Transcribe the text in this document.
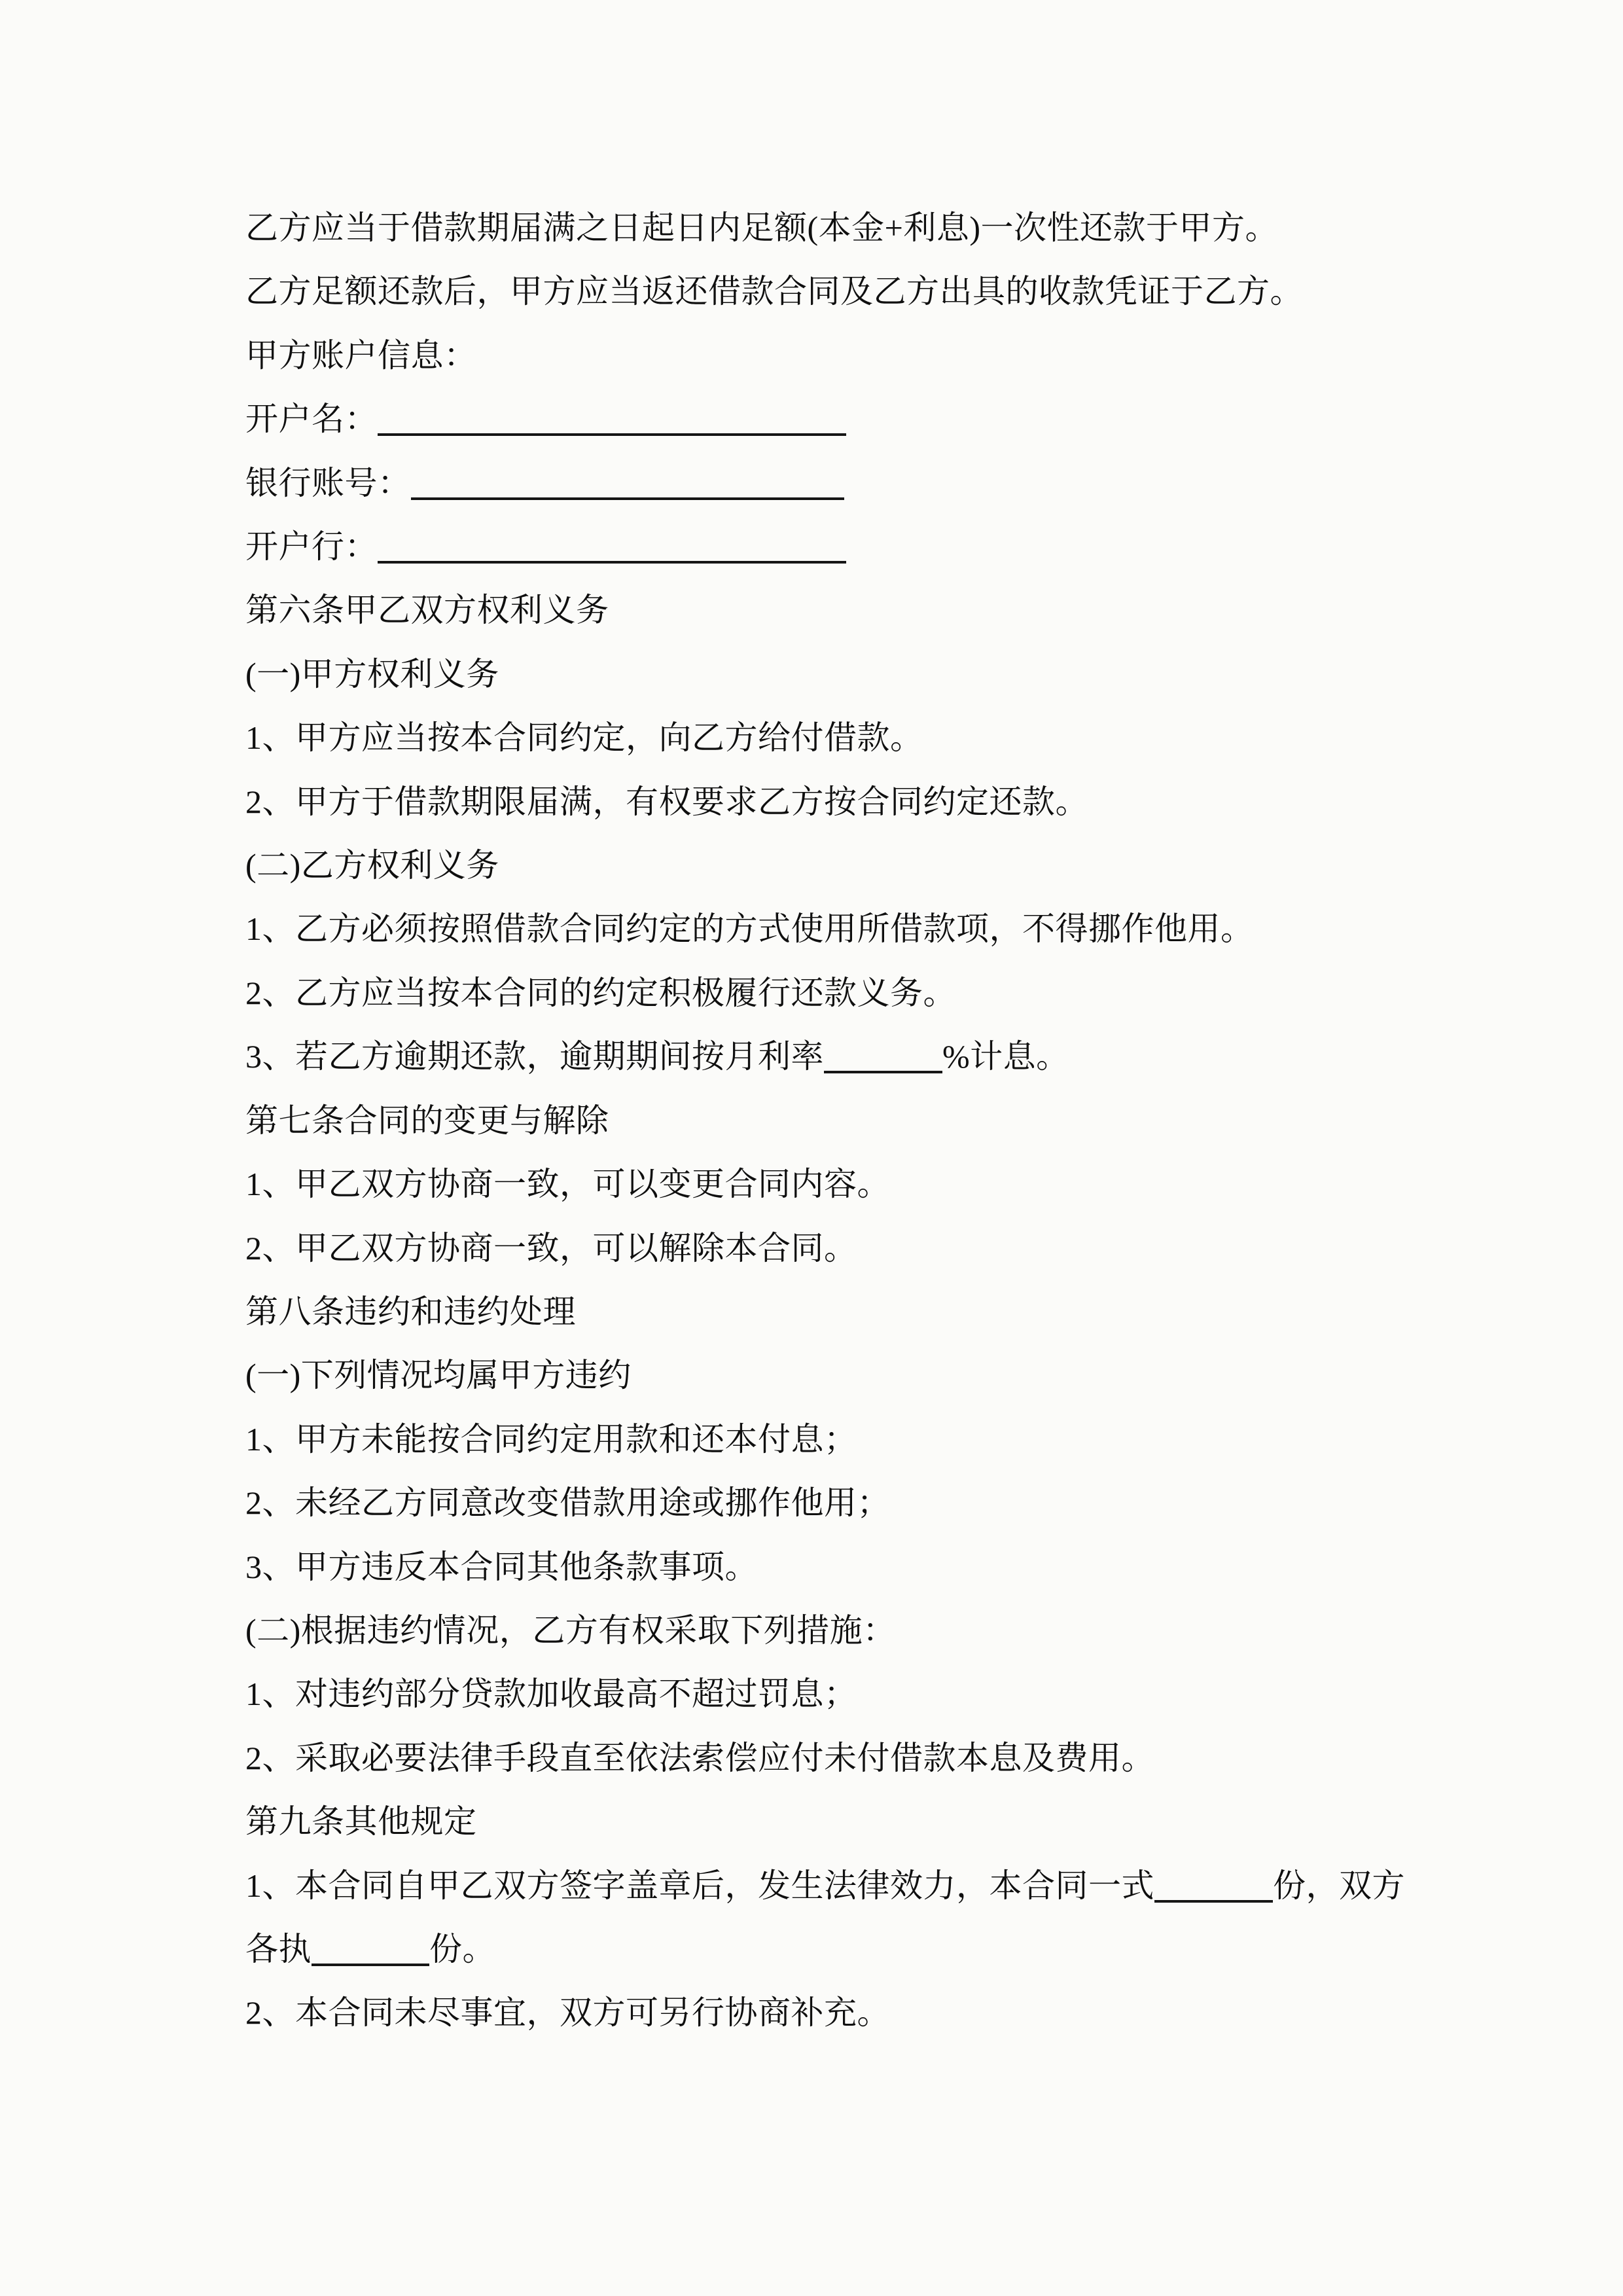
乙方应当于借款期届满之日起日内足额(本金+利息)一次性还款于甲方。
乙方足额还款后，甲方应当返还借款合同及乙方出具的收款凭证于乙方。
甲方账户信息：
开户名：
银行账号：
开户行：
第六条甲乙双方权利义务
(一)甲方权利义务
1、甲方应当按本合同约定，向乙方给付借款。
2、甲方于借款期限届满，有权要求乙方按合同约定还款。
(二)乙方权利义务
1、乙方必须按照借款合同约定的方式使用所借款项，不得挪作他用。
2、乙方应当按本合同的约定积极履行还款义务。
3、若乙方逾期还款，逾期期间按月利率	%计息。
第七条合同的变更与解除
1、甲乙双方协商一致，可以变更合同内容。
2、甲乙双方协商一致，可以解除本合同。
第八条违约和违约处理
(一)下列情况均属甲方违约
1、甲方未能按合同约定用款和还本付息；
2、未经乙方同意改变借款用途或挪作他用；
3、甲方违反本合同其他条款事项。
(二)根据违约情况，乙方有权采取下列措施：
1、对违约部分贷款加收最高不超过罚息；
2、采取必要法律手段直至依法索偿应付未付借款本息及费用。
第九条其他规定
1、本合同自甲乙双方签字盖章后，发生法律效力，本合同一式	份，双方
各执	份。
2、本合同未尽事宜，双方可另行协商补充。
